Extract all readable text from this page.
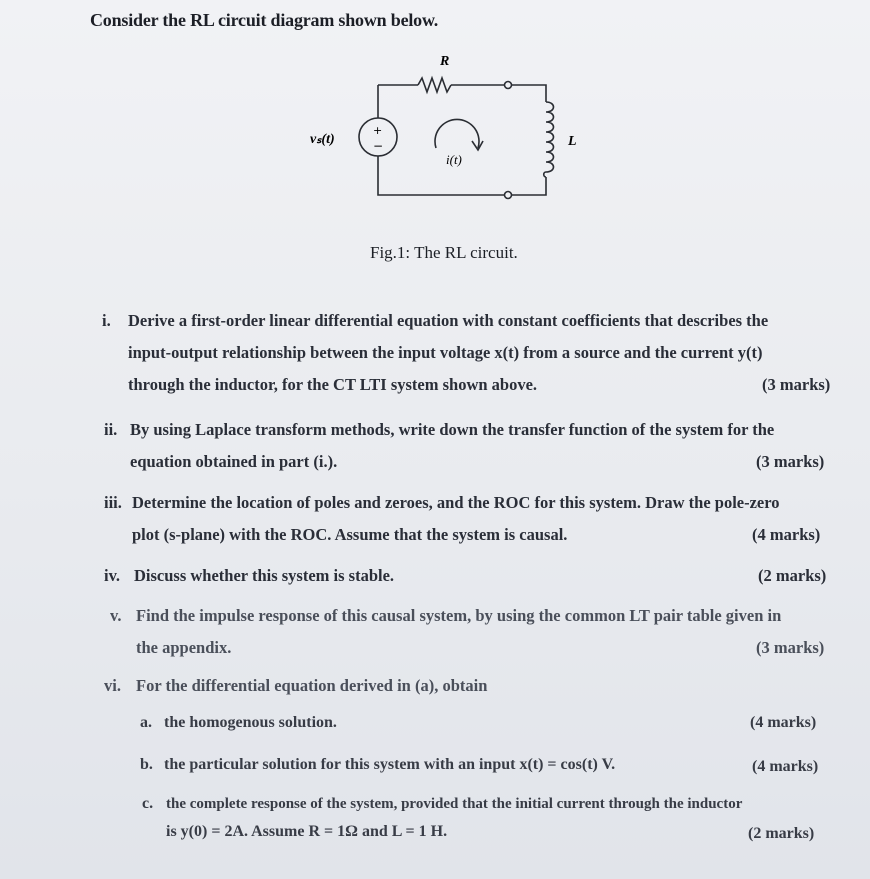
Consider the RL circuit diagram shown below.
R
L
vₛ(t)
i(t)
+
−
Fig.1: The RL circuit.
i. Derive a first-order linear differential equation with constant coefficients that describes the
input-output relationship between the input voltage x(t) from a source and the current y(t)
through the inductor, for the CT LTI system shown above.	(3 marks)
ii. By using Laplace transform methods, write down the transfer function of the system for the
equation obtained in part (i.).	(3 marks)
iii. Determine the location of poles and zeroes, and the ROC for this system. Draw the pole-zero
plot (s-plane) with the ROC. Assume that the system is causal.	(4 marks)
iv. Discuss whether this system is stable.	(2 marks)
v. Find the impulse response of this causal system, by using the common LT pair table given in
the appendix.	(3 marks)
vi. For the differential equation derived in (a), obtain
a. the homogenous solution.	(4 marks)
b. the particular solution for this system with an input x(t) = cos(t) V.	(4 marks)
c. the complete response of the system, provided that the initial current through the inductor
is y(0) = 2A. Assume R = 1Ω and L = 1 H.	(2 marks)
